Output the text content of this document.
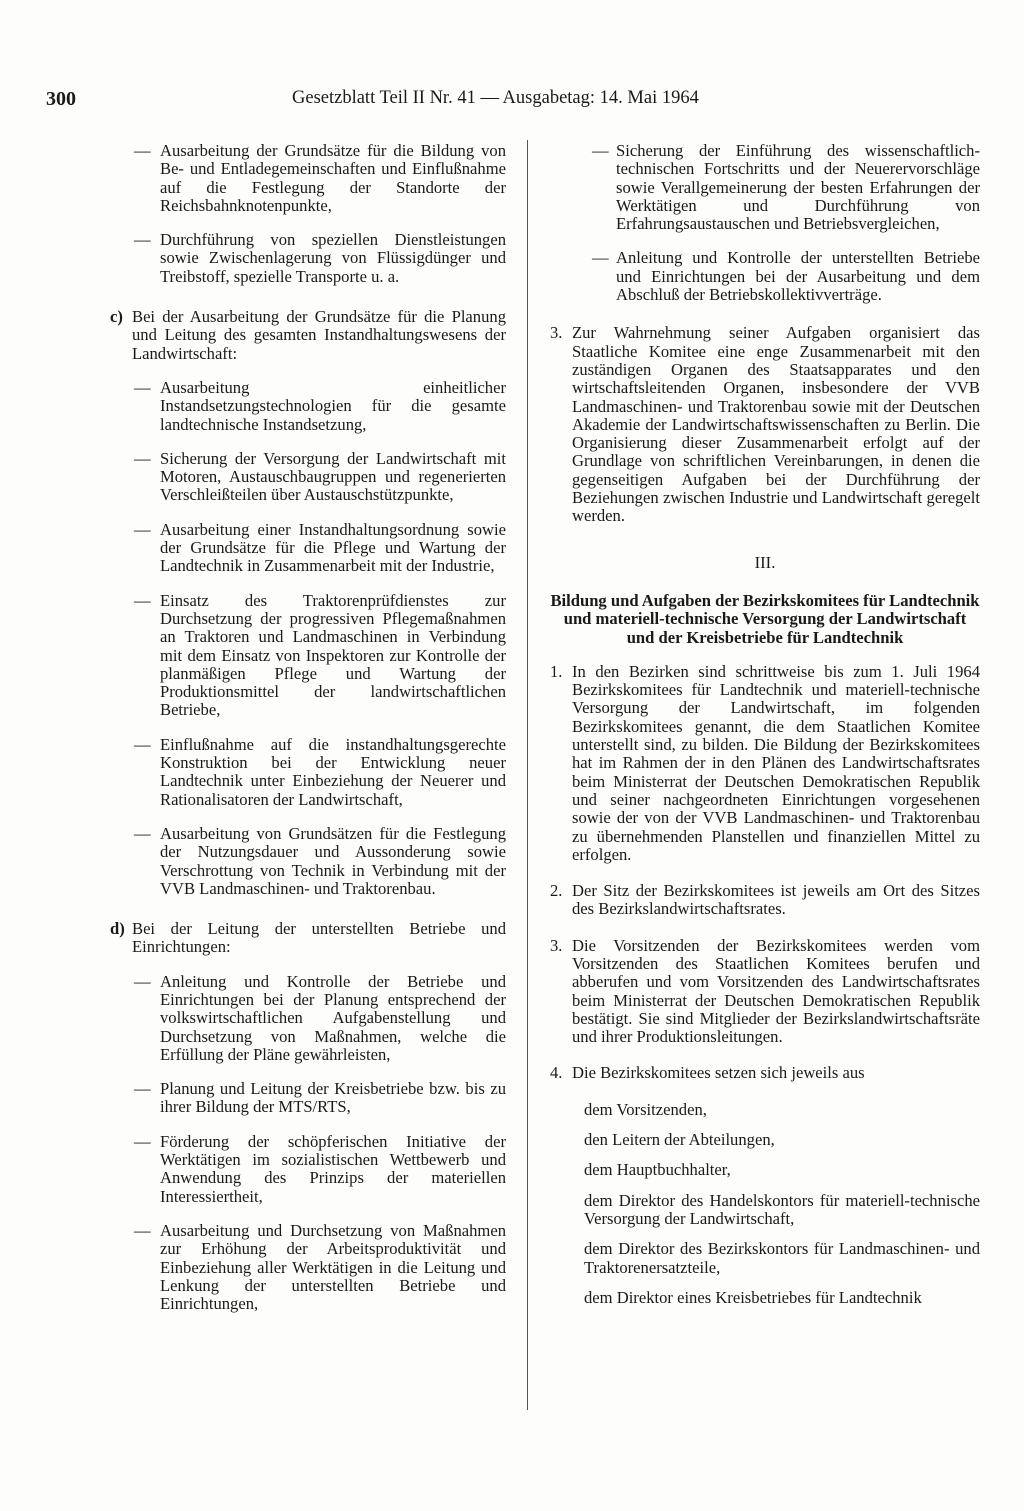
300	Gesetzblatt Teil II Nr. 41 — Ausgabetag: 14. Mai 1964
— Ausarbeitung der Grundsätze für die Bildung von Be- und Entladegemeinschaften und Einflußnahme auf die Festlegung der Standorte der Reichsbahnknotenpunkte,
— Durchführung von speziellen Dienstleistungen sowie Zwischenlagerung von Flüssigdünger und Treibstoff, spezielle Transporte u. a.
c) Bei der Ausarbeitung der Grundsätze für die Planung und Leitung des gesamten Instandhaltungswesens der Landwirtschaft:
— Ausarbeitung einheitlicher Instandsetzungstechnologien für die gesamte landtechnische Instandsetzung,
— Sicherung der Versorgung der Landwirtschaft mit Motoren, Austauschbaugruppen und regenerierten Verschleißteilen über Austauschstützpunkte,
— Ausarbeitung einer Instandhaltungsordnung sowie der Grundsätze für die Pflege und Wartung der Landtechnik in Zusammenarbeit mit der Industrie,
— Einsatz des Traktorenprüfdienstes zur Durchsetzung der progressiven Pflegemaßnahmen an Traktoren und Landmaschinen in Verbindung mit dem Einsatz von Inspektoren zur Kontrolle der planmäßigen Pflege und Wartung der Produktionsmittel der landwirtschaftlichen Betriebe,
— Einflußnahme auf die instandhaltungsgerechte Konstruktion bei der Entwicklung neuer Landtechnik unter Einbeziehung der Neuerer und Rationalisatoren der Landwirtschaft,
— Ausarbeitung von Grundsätzen für die Festlegung der Nutzungsdauer und Aussonderung sowie Verschrottung von Technik in Verbindung mit der VVB Landmaschinen- und Traktorenbau.
d) Bei der Leitung der unterstellten Betriebe und Einrichtungen:
— Anleitung und Kontrolle der Betriebe und Einrichtungen bei der Planung entsprechend der volkswirtschaftlichen Aufgabenstellung und Durchsetzung von Maßnahmen, welche die Erfüllung der Pläne gewährleisten,
— Planung und Leitung der Kreisbetriebe bzw. bis zu ihrer Bildung der MTS/RTS,
— Förderung der schöpferischen Initiative der Werktätigen im sozialistischen Wettbewerb und Anwendung des Prinzips der materiellen Interessiertheit,
— Ausarbeitung und Durchsetzung von Maßnahmen zur Erhöhung der Arbeitsproduktivität und Einbeziehung aller Werktätigen in die Leitung und Lenkung der unterstellten Betriebe und Einrichtungen,
— Sicherung der Einführung des wissenschaftlich-technischen Fortschritts und der Neuerervorschläge sowie Verallgemeinerung der besten Erfahrungen der Werktätigen und Durchführung von Erfahrungsaustauschen und Betriebsvergleichen,
— Anleitung und Kontrolle der unterstellten Betriebe und Einrichtungen bei der Ausarbeitung und dem Abschluß der Betriebskollektivverträge.
3. Zur Wahrnehmung seiner Aufgaben organisiert das Staatliche Komitee eine enge Zusammenarbeit mit den zuständigen Organen des Staatsapparates und den wirtschaftsleitenden Organen, insbesondere der VVB Landmaschinen- und Traktorenbau sowie mit der Deutschen Akademie der Landwirtschaftswissenschaften zu Berlin. Die Organisierung dieser Zusammenarbeit erfolgt auf der Grundlage von schriftlichen Vereinbarungen, in denen die gegenseitigen Aufgaben bei der Durchführung der Beziehungen zwischen Industrie und Landwirtschaft geregelt werden.
III.
Bildung und Aufgaben der Bezirkskomitees für Landtechnik und materiell-technische Versorgung der Landwirtschaft und der Kreisbetriebe für Landtechnik
1. In den Bezirken sind schrittweise bis zum 1. Juli 1964 Bezirkskomitees für Landtechnik und materiell-technische Versorgung der Landwirtschaft, im folgenden Bezirkskomitees genannt, die dem Staatlichen Komitee unterstellt sind, zu bilden. Die Bildung der Bezirkskomitees hat im Rahmen der in den Plänen des Landwirtschaftsrates beim Ministerrat der Deutschen Demokratischen Republik und seiner nachgeordneten Einrichtungen vorgesehenen sowie der von der VVB Landmaschinen- und Traktorenbau zu übernehmenden Planstellen und finanziellen Mittel zu erfolgen.
2. Der Sitz der Bezirkskomitees ist jeweils am Ort des Sitzes des Bezirkslandwirtschaftsrates.
3. Die Vorsitzenden der Bezirkskomitees werden vom Vorsitzenden des Staatlichen Komitees berufen und abberufen und vom Vorsitzenden des Landwirtschaftsrates beim Ministerrat der Deutschen Demokratischen Republik bestätigt. Sie sind Mitglieder der Bezirkslandwirtschaftsräte und ihrer Produktionsleitungen.
4. Die Bezirkskomitees setzen sich jeweils aus
dem Vorsitzenden,
den Leitern der Abteilungen,
dem Hauptbuchhalter,
dem Direktor des Handelskontors für materiell-technische Versorgung der Landwirtschaft,
dem Direktor des Bezirkskontors für Landmaschinen- und Traktorenersatzteile,
dem Direktor eines Kreisbetriebes für Landtechnik
